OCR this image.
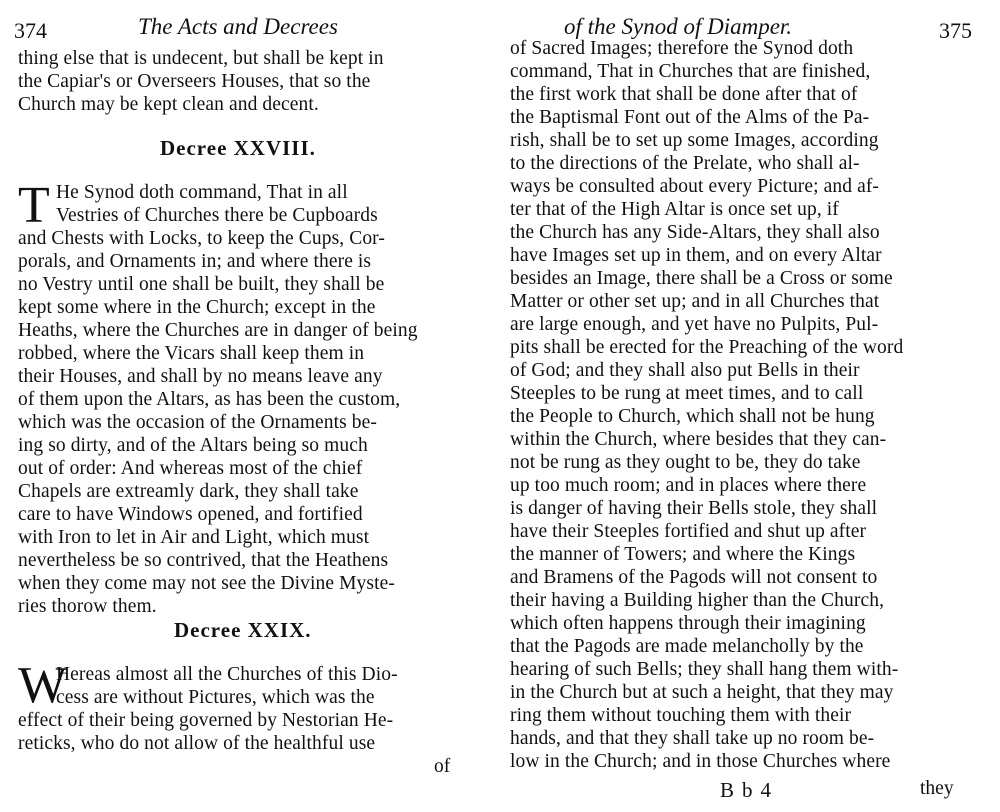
374	The Acts and Decrees
thing else that is undecent, but shall be kept in
the Capiar's or Overseers Houses, that so the
Church may be kept clean and decent.
Decree XXVIII.
T He Synod doth command, That in all
Vestries of Churches there be Cupboards
and Chests with Locks, to keep the Cups, Cor-
porals, and Ornaments in; and where there is
no Vestry until one shall be built, they shall be
kept some where in the Church; except in the
Heaths, where the Churches are in danger of being
robbed, where the Vicars shall keep them in
their Houses, and shall by no means leave any
of them upon the Altars, as has been the custom,
which was the occasion of the Ornaments be-
ing so dirty, and of the Altars being so much
out of order: And whereas most of the chief
Chapels are extreamly dark, they shall take
care to have Windows opened, and fortified
with Iron to let in Air and Light, which must
nevertheless be so contrived, that the Heathens
when they come may not see the Divine Myste-
ries thorow them.
Decree XXIX.
W
Hereas almost all the Churches of this Dio-
cess are without Pictures, which was the
effect of their being governed by Nestorian He-
reticks, who do not allow of the healthful use
of
of the Synod of Diamper.	375
of Sacred Images; therefore the Synod doth
command, That in Churches that are finished,
the first work that shall be done after that of
the Baptismal Font out of the Alms of the Pa-
rish, shall be to set up some Images, according
to the directions of the Prelate, who shall al-
ways be consulted about every Picture; and af-
ter that of the High Altar is once set up, if
the Church has any Side-Altars, they shall also
have Images set up in them, and on every Altar
besides an Image, there shall be a Cross or some
Matter or other set up; and in all Churches that
are large enough, and yet have no Pulpits, Pul-
pits shall be erected for the Preaching of the word
of God; and they shall also put Bells in their
Steeples to be rung at meet times, and to call
the People to Church, which shall not be hung
within the Church, where besides that they can-
not be rung as they ought to be, they do take
up too much room; and in places where there
is danger of having their Bells stole, they shall
have their Steeples fortified and shut up after
the manner of Towers; and where the Kings
and Bramens of the Pagods will not consent to
their having a Building higher than the Church,
which often happens through their imagining
that the Pagods are made melancholly by the
hearing of such Bells; they shall hang them with-
in the Church but at such a height, that they may
ring them without touching them with their
hands, and that they shall take up no room be-
low in the Church; and in those Churches where
Bb4	they
